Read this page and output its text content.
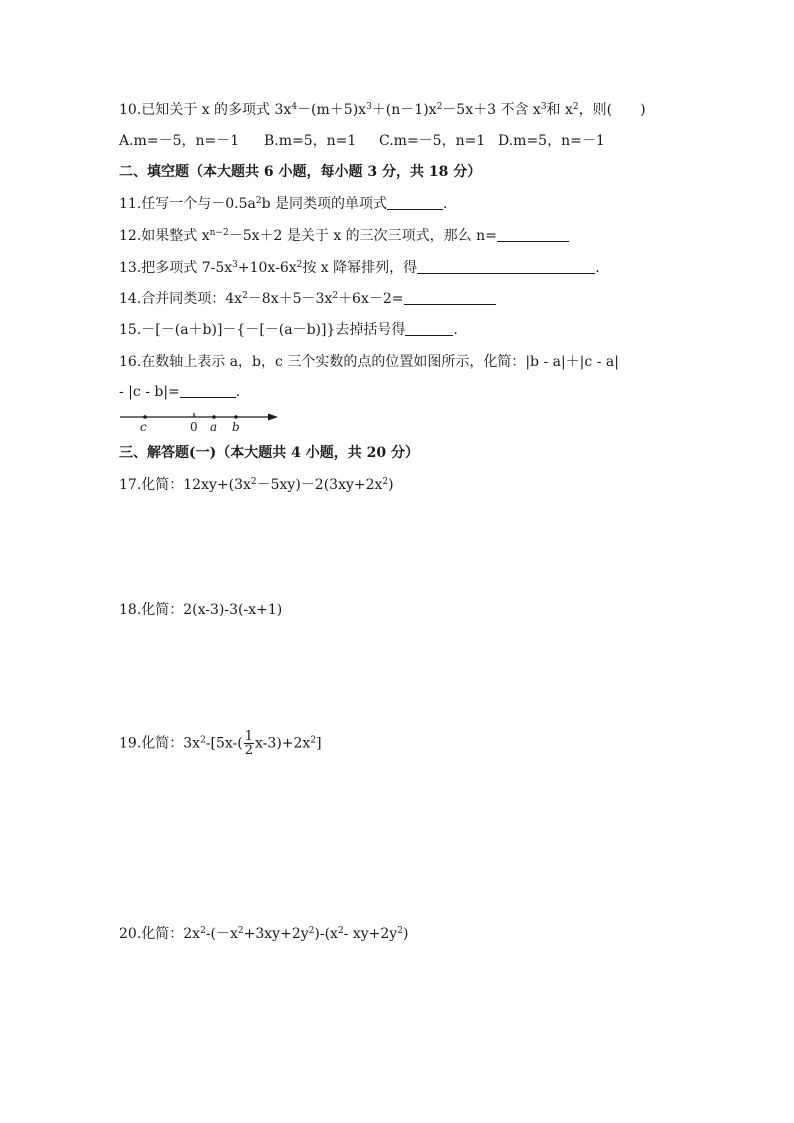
10.已知关于 x 的多项式 $3x^4-(m+5)x^3+(n-1)x^2-5x+3$ 不含 $x^3$和 $x^2$，则(　　)
A.m=－5，n=－1 B.m=5，n=1 C.m=－5，n=1 D.m=5，n=－1
二、填空题（本大题共 6 小题，每小题 3 分，共 18 分）
11.任写一个与$-0.5a^2b$ 是同类项的单项式	.
12.如果整式 $x^{n-2}-5x+2$ 是关于 x 的三次三项式，那么 n=
13.把多项式 $7-5x^3+10x-6x^2$按 x 降幂排列，得	.
14.合并同类项：$4x^2-8x+5-3x^2+6x-2=$
15.－[－(a＋b)]－{－[－(a－b)]}去掉括号得	.
16.在数轴上表示 a，b，c 三个实数的点的位置如图所示，化简：|b - a|＋|c - a|
- |c - b|=	.
c	0 a b
三、解答题(一)（本大题共 4 小题，共 20 分）
17.化简：$12xy+(3x^2-5xy)-2(3xy+2x^2)$
18.化简：2(x-3)-3(-x+1)
19.化简：$3x^2-[5x-( \frac{1}{2} x-3)+2x^2]$
20.化简：$2x^2-(-x^2+3xy+2y^2)-(x^2-$ $xy+2y^2$)
